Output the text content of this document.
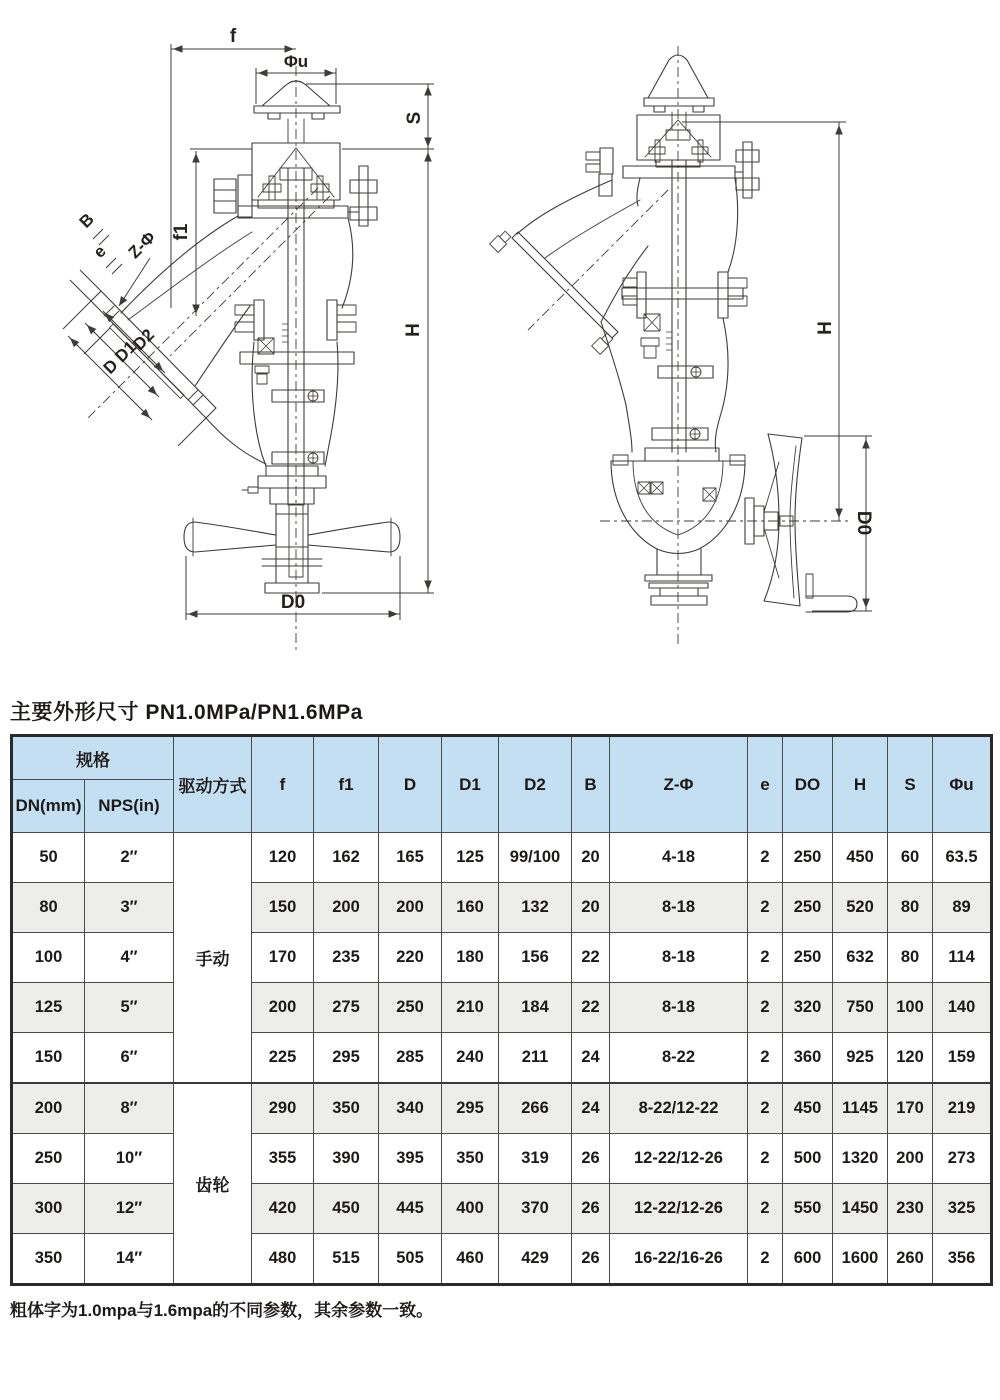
f
Φu
S
f1
H
D0
B
e Z-Φ
D2
D1
D
H
D0
主要外形尺寸 PN1.0MPa/PN1.6MPa
规格		驱动方式	f	f1	D	D1	D2	B	Z-Φ	e	DO	H	S	Φu
DN(mm)	NPS(in)													
50	2″	手动	120	162	165	125	99/100	20	4-18	2	250	450	60	63.5
80	3″		150	200	200	160	132	20	8-18	2	250	520	80	89
100	4″		170	235	220	180	156	22	8-18	2	250	632	80	114
125	5″		200	275	250	210	184	22	8-18	2	320	750	100	140
150	6″		225	295	285	240	211	24	8-22	2	360	925	120	159
200	8″	齿轮	290	350	340	295	266	24	8-22/12-22	2	450	1145	170	219
250	10″		355	390	395	350	319	26	12-22/12-26	2	500	1320	200	273
300	12″		420	450	445	400	370	26	12-22/12-26	2	550	1450	230	325
350	14″		480	515	505	460	429	26	16-22/16-26	2	600	1600	260	356
粗体字为1.0mpa与1.6mpa的不同参数，其余参数一致。
